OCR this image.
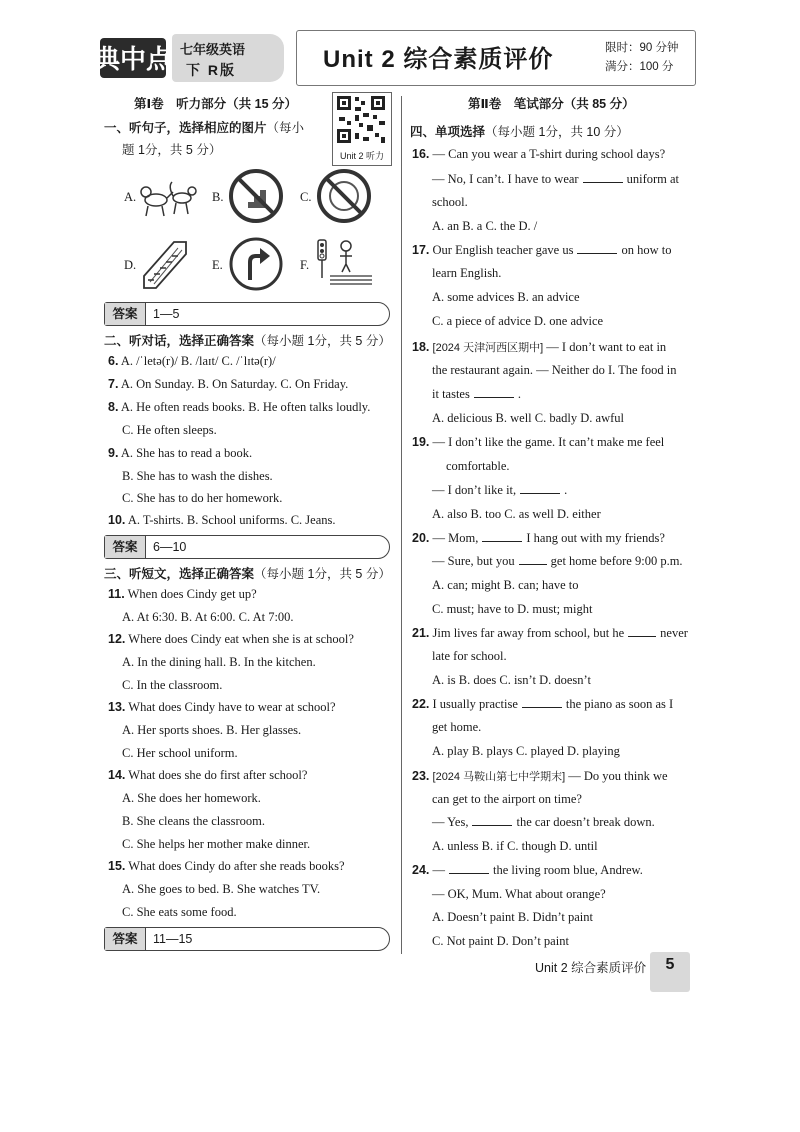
典中点 七年级英语
下 R版	Unit 2 综合素质评价	限时：90 分钟
满分：100 分
第Ⅰ卷　听力部分（共 15 分）
Unit 2 听力
一、听句子，选择相应的图片（每小
题 1分，共 5 分）
A.	B.	C.
D.	E.	F.
答案	1—5
二、听对话，选择正确答案（每小题 1分，共 5 分）
6. A. /ˈletə(r)/ B. /laɪt/ C. /ˈlɪtə(r)/
7. A. On Sunday. B. On Saturday. C. On Friday.
8. A. He often reads books. B. He often talks loudly.
C. He often sleeps.
9. A. She has to read a book.
B. She has to wash the dishes.
C. She has to do her homework.
10. A. T-shirts. B. School uniforms. C. Jeans.
答案	6—10
三、听短文，选择正确答案（每小题 1分，共 5 分）
11. When does Cindy get up?
A. At 6:30. B. At 6:00. C. At 7:00.
12. Where does Cindy eat when she is at school?
A. In the dining hall. B. In the kitchen.
C. In the classroom.
13. What does Cindy have to wear at school?
A. Her sports shoes. B. Her glasses.
C. Her school uniform.
14. What does she do first after school?
A. She does her homework.
B. She cleans the classroom.
C. She helps her mother make dinner.
15. What does Cindy do after she reads books?
A. She goes to bed. B. She watches TV.
C. She eats some food.
答案	11—15
第Ⅱ卷　笔试部分（共 85 分）
四、单项选择（每小题 1分，共 10 分）
16. — Can you wear a T-shirt during school days?
— No, I can’t. I have to wear	uniform at
school.
A. an B. a C. the D. /
17. Our English teacher gave us	on how to
learn English.
A. some advices B. an advice
C. a piece of advice D. one advice
18. [2024 天津河西区期中] — I don’t want to eat in
the restaurant again. — Neither do I. The food in
it tastes	.
A. delicious B. well C. badly D. awful
19. — I don’t like the game. It can’t make me feel
comfortable.
— I don’t like it,	.
A. also B. too C. as well D. either
20. — Mom,	I hang out with my friends?
— Sure, but you	get home before 9:00 p.m.
A. can; might B. can; have to
C. must; have to D. must; might
21. Jim lives far away from school, but he	never
late for school.
A. is B. does C. isn’t D. doesn’t
22. I usually practise	the piano as soon as I
get home.
A. play B. plays C. played D. playing
23. [2024 马鞍山第七中学期末] — Do you think we
can get to the airport on time?
— Yes,	the car doesn’t break down.
A. unless B. if C. though D. until
24. —	the living room blue, Andrew.
— OK, Mum. What about orange?
A. Doesn’t paint B. Didn’t paint
C. Not paint D. Don’t paint
Unit 2 综合素质评价	5
